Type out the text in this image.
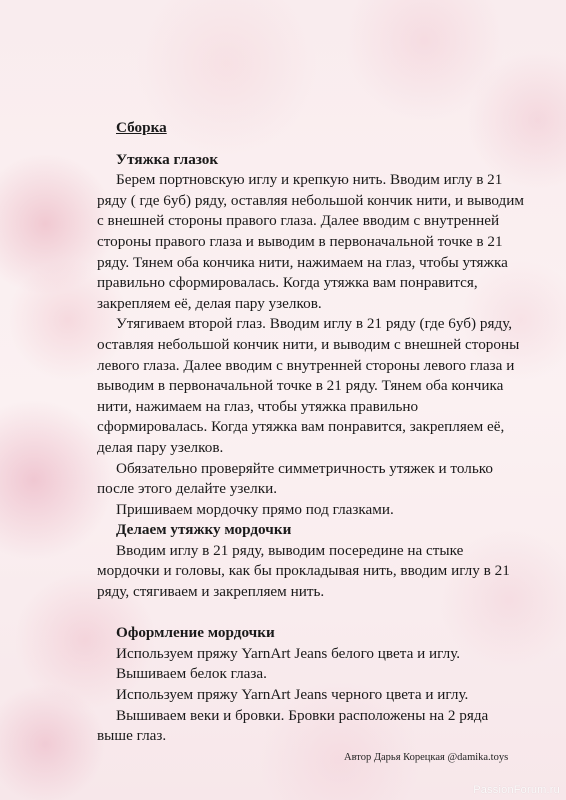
Сборка

Утяжка глазок

Берем портновскую иглу и крепкую нить. Вводим иглу в 21 ряду ( где 6уб) ряду, оставляя небольшой кончик нити, и выводим с внешней стороны правого глаза. Далее вводим с внутренней стороны правого глаза и выводим в первоначальной точке в 21 ряду. Тянем оба кончика нити, нажимаем на глаз, чтобы утяжка правильно сформировалась. Когда утяжка вам понравится, закрепляем её, делая пару узелков.

Утягиваем второй глаз. Вводим иглу в 21 ряду (где 6уб) ряду, оставляя небольшой кончик нити, и выводим с внешней стороны левого глаза. Далее вводим с внутренней стороны левого глаза и выводим в первоначальной точке в 21 ряду. Тянем оба кончика нити, нажимаем на глаз, чтобы утяжка правильно сформировалась. Когда утяжка вам понравится, закрепляем её, делая пару узелков.

Обязательно проверяйте симметричность утяжек и только после этого делайте узелки.

Пришиваем мордочку прямо под глазками.

Делаем утяжку мордочки

Вводим иглу в 21 ряду, выводим посередине на стыке мордочки и головы, как бы прокладывая нить, вводим иглу в 21 ряду, стягиваем и закрепляем нить.

Оформление мордочки

Используем пряжу YarnArt Jeans белого цвета и иглу.

Вышиваем белок глаза.

Используем пряжу YarnArt Jeans черного цвета и иглу.

Вышиваем веки и бровки. Бровки расположены на 2 ряда выше глаз.

Автор Дарья Корецкая @damika.toys
PassionForum.ru
